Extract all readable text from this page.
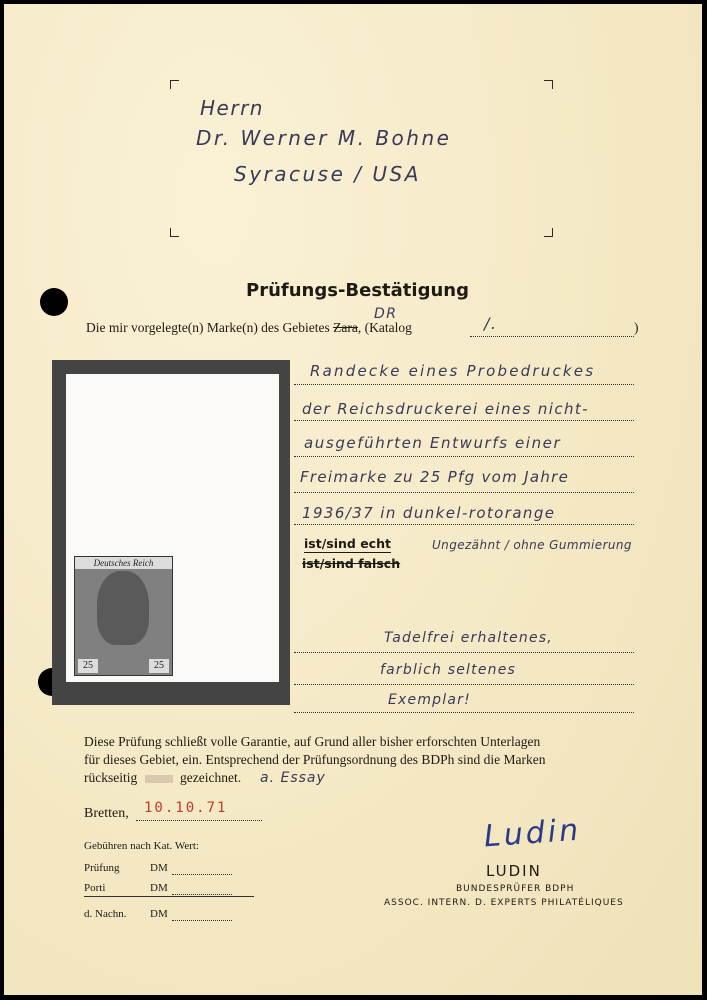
Herrn
Dr. Werner M. Bohne
Syracuse / USA
Prüfungs-Bestätigung
Die mir vorgelegte(n) Marke(n) des Gebietes Zara, (Katalog
DR	/.	)
Deutsches Reich
25	25
Randecke eines Probedruckes
der Reichsdruckerei eines nicht-
ausgeführten Entwurfs einer
Freimarke zu 25 Pfg vom Jahre
1936/37 in dunkel-rotorange
ist/sind echt
ist/sind falsch
Ungezähnt / ohne Gummierung
Tadelfrei erhaltenes,
farblich seltenes
Exemplar!
Diese Prüfung schließt volle Garantie, auf Grund aller bisher erforschten Unterlagen
für dieses Gebiet, ein. Entsprechend der Prüfungsordnung des BDPh sind die Marken
rückseitig	gezeichnet. a. Essay
Bretten, 10.10.71
Gebühren nach Kat. Wert:
Prüfung	DM
Porti	DM
d. Nachn. DM
Ludin
LUDIN
BUNDESPRÜFER BDPH
ASSOC. INTERN. D. EXPERTS PHILATÉLIQUES
